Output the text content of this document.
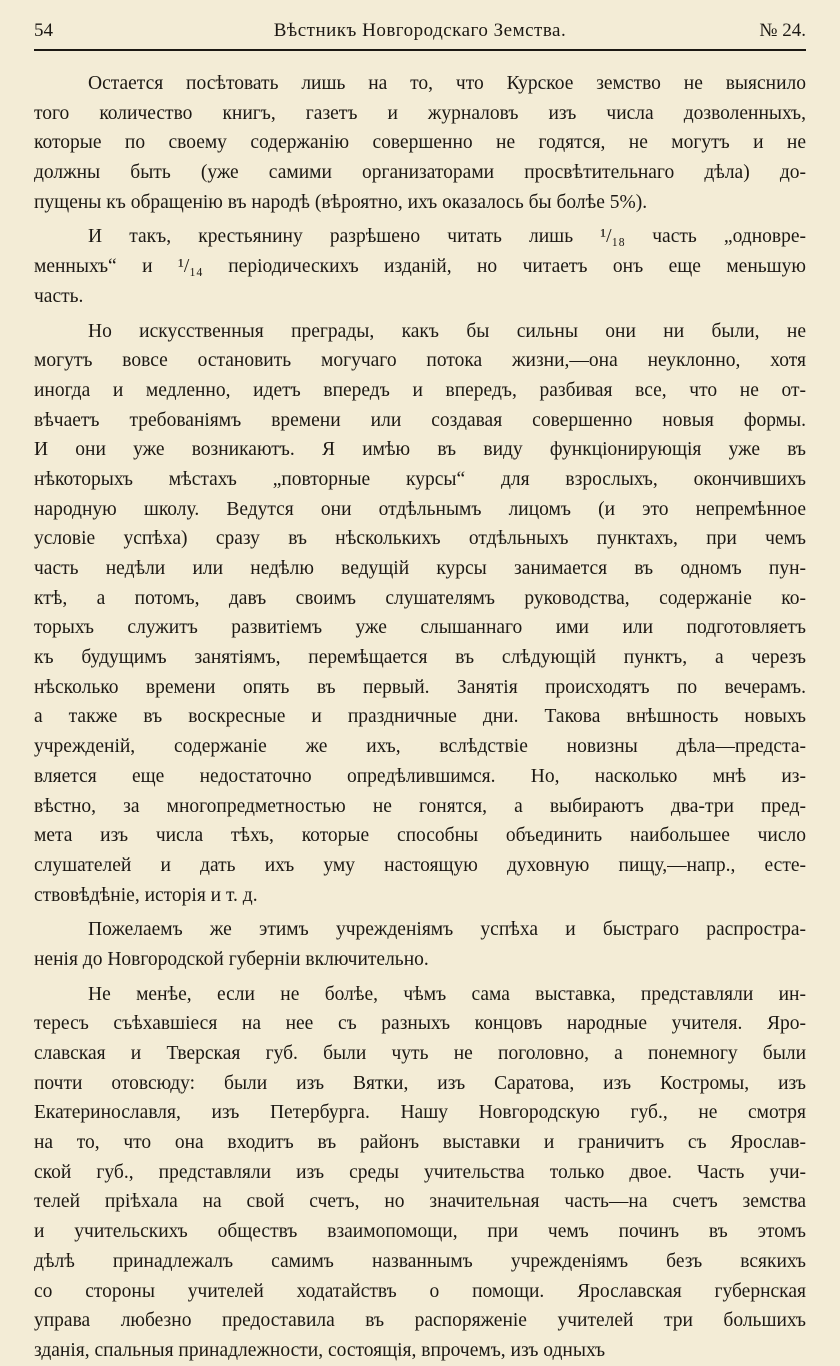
54	Вѣстникъ Новгородскаго Земства.	№ 24.
Остается посѣтовать лишь на то, что Курское земство не выяснило
того количество книгъ, газетъ и журналовъ изъ числа дозволенныхъ,
которые по своему содержанію совершенно не годятся, не могутъ и не
должны быть (уже самими организаторами просвѣтительнаго дѣла) до-
пущены къ обращенію въ народѣ (вѣроятно, ихъ оказалось бы болѣе 5%).
И такъ, крестьянину разрѣшено читать лишь ¹/₁₈ часть „одновре-
менныхъ“ и ¹/₁₄ періодическихъ изданій, но читаетъ онъ еще меньшую
часть.
Но искусственныя преграды, какъ бы сильны они ни были, не
могутъ вовсе остановить могучаго потока жизни,—она неуклонно, хотя
иногда и медленно, идетъ впередъ и впередъ, разбивая все, что не от-
вѣчаетъ требованіямъ времени или создавая совершенно новыя формы.
И они уже возникаютъ. Я имѣю въ виду функціонирующія уже въ
нѣкоторыхъ мѣстахъ „повторные курсы“ для взрослыхъ, окончившихъ
народную школу. Ведутся они отдѣльнымъ лицомъ (и это непремѣнное
условіе успѣха) сразу въ нѣсколькихъ отдѣльныхъ пунктахъ, при чемъ
часть недѣли или недѣлю ведущій курсы занимается въ одномъ пун-
ктѣ, а потомъ, давъ своимъ слушателямъ руководства, содержаніе ко-
торыхъ служитъ развитіемъ уже слышаннаго ими или подготовляетъ
къ будущимъ занятіямъ, перемѣщается въ слѣдующій пунктъ, а черезъ
нѣсколько времени опять въ первый. Занятія происходятъ по вечерамъ.
а также въ воскресные и праздничные дни. Такова внѣшность новыхъ
учрежденій, содержаніе же ихъ, вслѣдствіе новизны дѣла—предста-
вляется еще недостаточно опредѣлившимся. Но, насколько мнѣ из-
вѣстно, за многопредметностью не гонятся, а выбираютъ два-три пред-
мета изъ числа тѣхъ, которые способны объединить наибольшее число
слушателей и дать ихъ уму настоящую духовную пищу,—напр., есте-
ствовѣдѣніе, исторія и т. д.
Пожелаемъ же этимъ учрежденіямъ успѣха и быстраго распростра-
ненія до Новгородской губерніи включительно.
Не менѣе, если не болѣе, чѣмъ сама выставка, представляли ин-
тересъ съѣхавшіеся на нее съ разныхъ концовъ народные учителя. Яро-
славская и Тверская губ. были чуть не поголовно, а понемногу были
почти отовсюду: были изъ Вятки, изъ Саратова, изъ Костромы, изъ
Екатеринославля, изъ Петербурга. Нашу Новгородскую губ., не смотря
на то, что она входитъ въ районъ выставки и граничитъ съ Ярослав-
ской губ., представляли изъ среды учительства только двое. Часть учи-
телей пріѣхала на свой счетъ, но значительная часть—на счетъ земства
и учительскихъ обществъ взаимопомощи, при чемъ починъ въ этомъ
дѣлѣ принадлежалъ самимъ названнымъ учрежденіямъ безъ всякихъ
со стороны учителей ходатайствъ о помощи. Ярославская губернская
управа любезно предоставила въ распоряженіе учителей три большихъ
зданія, спальныя принадлежности, состоящія, впрочемъ, изъ одныхъ
